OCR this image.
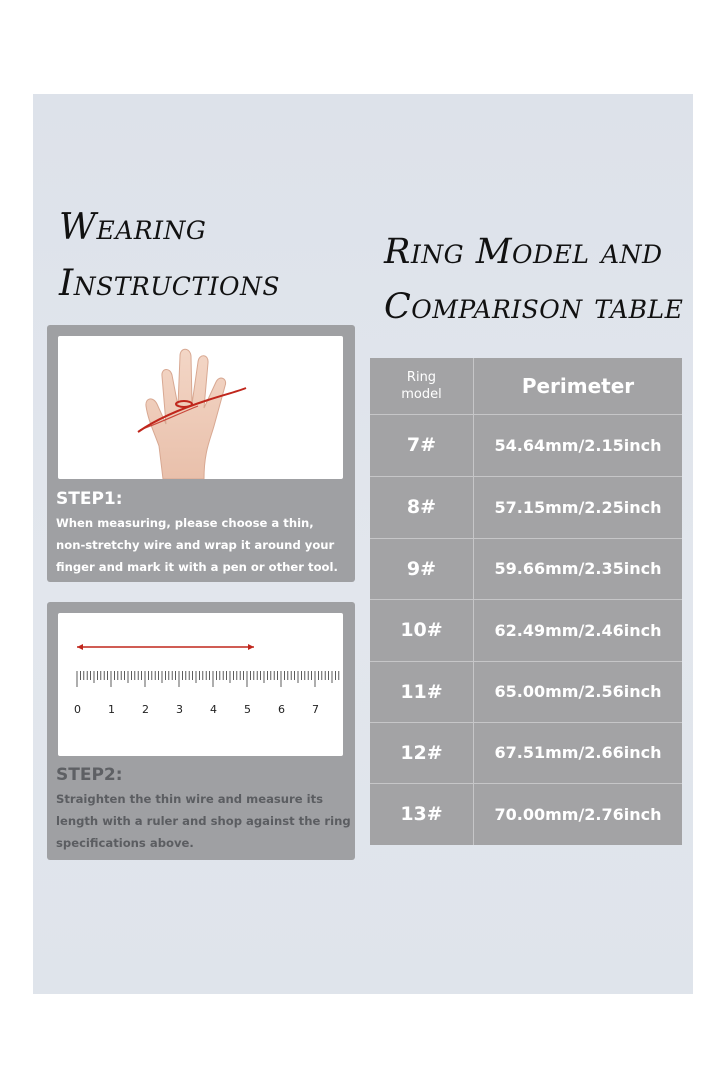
Wearing
Instructions
Ring Model and
Comparison table
STEP1:
When measuring, please choose a thin,
non-stretchy wire and wrap it around your
finger and mark it with a pen or other tool.
0 1 2 3 4 5 6 7
STEP2:
Straighten the thin wire and measure its
length with a ruler and shop against the ring
specifications above.
Ring
model	Perimeter
7#	54.64mm/2.15inch
8#	57.15mm/2.25inch
9#	59.66mm/2.35inch
10#	62.49mm/2.46inch
11#	65.00mm/2.56inch
12#	67.51mm/2.66inch
13#	70.00mm/2.76inch
